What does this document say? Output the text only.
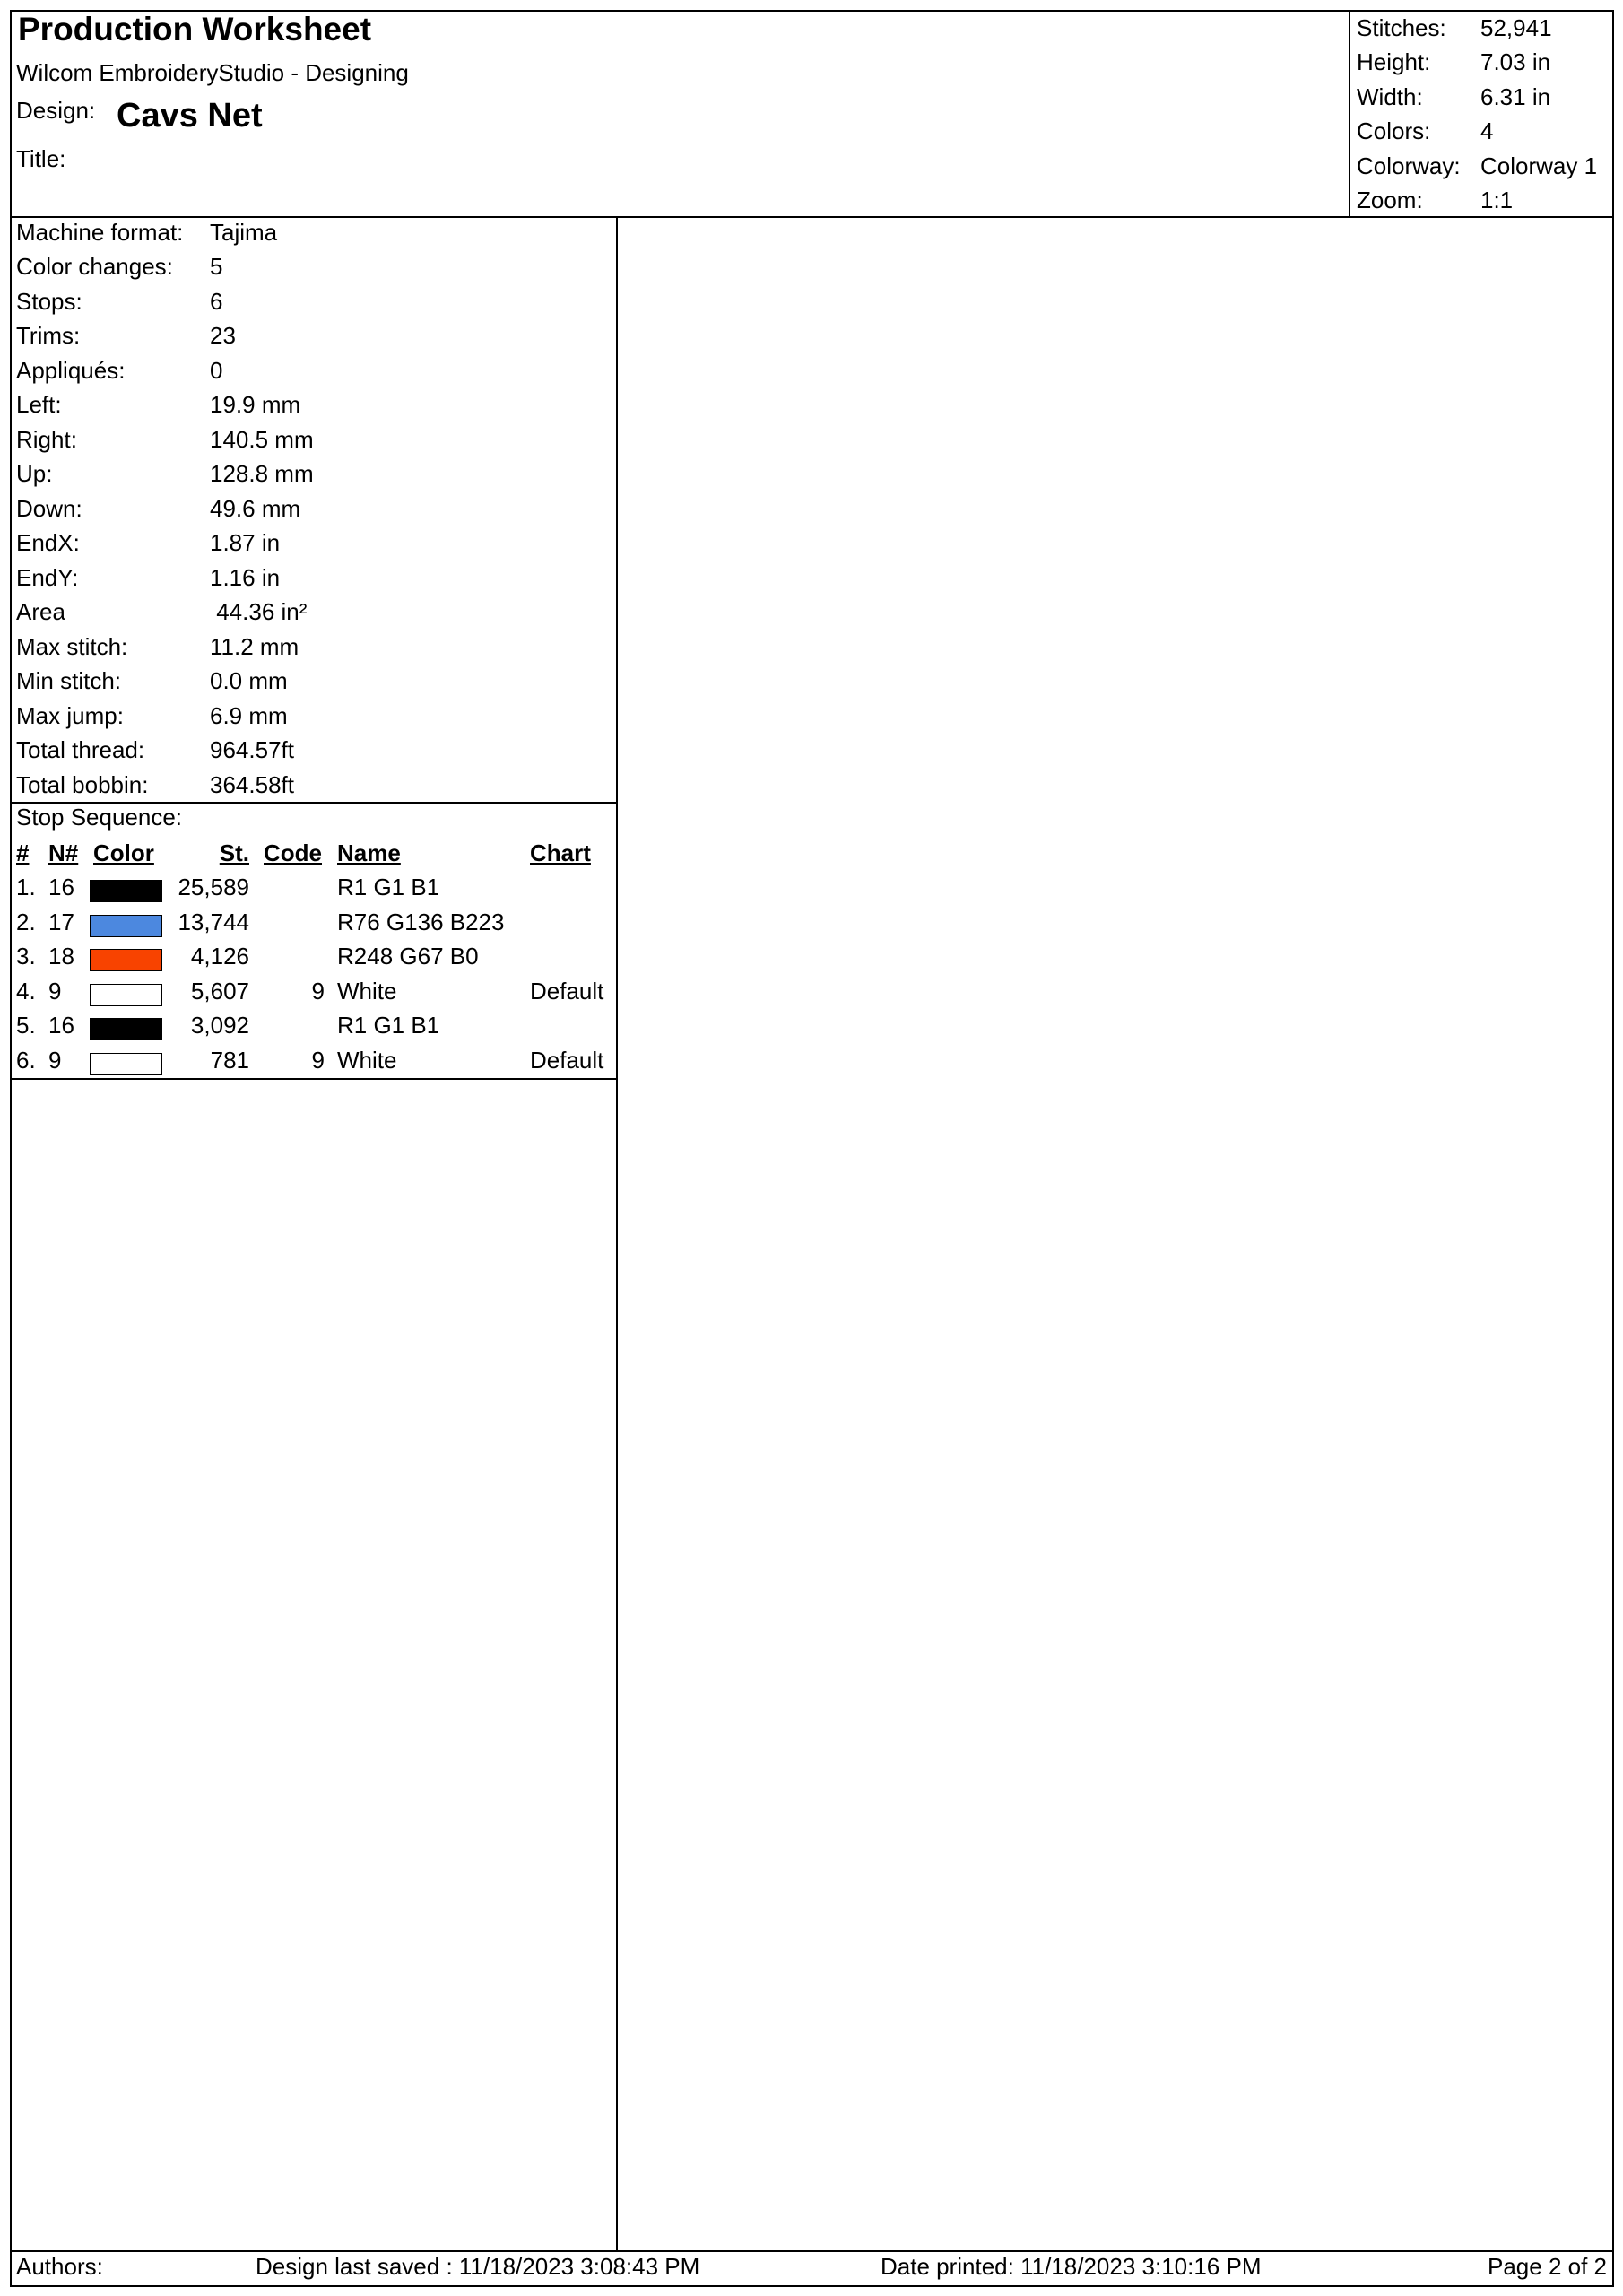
Production Worksheet
Wilcom EmbroideryStudio - Designing
Design: Cavs Net
Title:
Stitches:	52,941
Height:	7.03 in
Width:	6.31 in
Colors:	4
Colorway: Colorway 1
Zoom:	1:1
Machine format:	Tajima
Color changes:	5
Stops:	6
Trims:	23
Appliqués:	0
Left:	19.9 mm
Right:	140.5 mm
Up:	128.8 mm
Down:	49.6 mm
EndX:	1.87 in
EndY:	1.16 in
Area	44.36 in²
Max stitch:	11.2 mm
Min stitch:	0.0 mm
Max jump:	6.9 mm
Total thread:	964.57ft
Total bobbin:	364.58ft
Stop Sequence:
# N# Color	St. Code Name	Chart
1. 16	25,589	R1 G1 B1
2. 17	13,744	R76 G136 B223
3. 18	4,126	R248 G67 B0
4. 9	5,607	9 White	Default
5. 16	3,092	R1 G1 B1
6. 9	781	9 White	Default
Authors:	Design last saved : 11/18/2023 3:08:43 PM	Date printed: 11/18/2023 3:10:16 PM	Page 2 of 2
